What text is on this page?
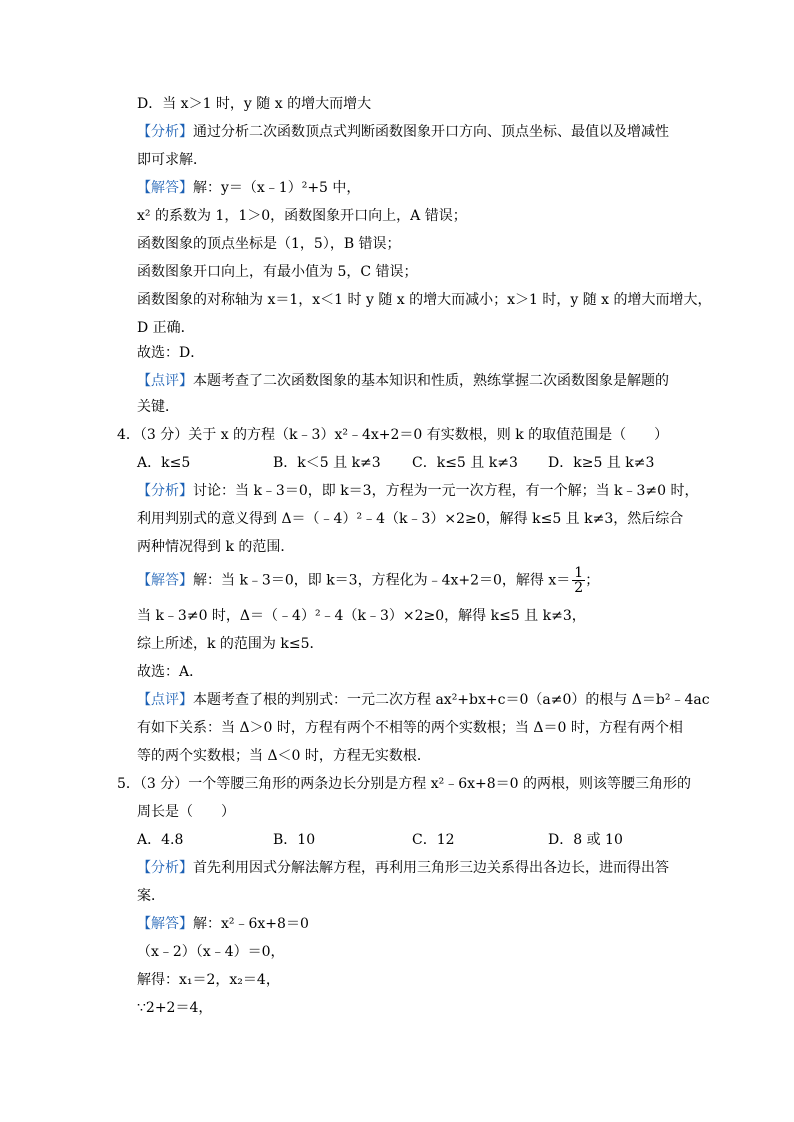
D．当 x＞1 时，y 随 x 的增大而增大
【分析】通过分析二次函数顶点式判断函数图象开口方向、顶点坐标、最值以及增减性
即可求解．
【解答】解：y＝（x﹣1）²+5 中，
x² 的系数为 1，1＞0，函数图象开口向上，A 错误；
函数图象的顶点坐标是（1，5），B 错误；
函数图象开口向上，有最小值为 5，C 错误；
函数图象的对称轴为 x＝1，x＜1 时 y 随 x 的增大而减小；x＞1 时，y 随 x 的增大而增大，
D 正确．
故选：D．
【点评】本题考查了二次函数图象的基本知识和性质，熟练掌握二次函数图象是解题的
关键．
4．（3 分）关于 x 的方程（k﹣3）x²﹣4x+2＝0 有实数根，则 k 的取值范围是（　　）
A．k≤5	B．k＜5 且 k≠3 C．k≤5 且 k≠3 D．k≥5 且 k≠3
【分析】讨论：当 k﹣3＝0，即 k＝3，方程为一元一次方程，有一个解；当 k﹣3≠0 时，
利用判别式的意义得到 Δ＝（﹣4）²﹣4（k﹣3）×2≥0，解得 k≤5 且 k≠3，然后综合
两种情况得到 k 的范围．
【解答】解：当 k﹣3＝0，即 k＝3，方程化为﹣4x+2＝0，解得 $x= \frac{1}{2}$ ；
当 k﹣3≠0 时，Δ＝（﹣4）²﹣4（k﹣3）×2≥0，解得 k≤5 且 k≠3，
综上所述，k 的范围为 k≤5．
故选：A．
【点评】本题考查了根的判别式：一元二次方程 ax²+bx+c＝0（a≠0）的根与 Δ＝b²﹣4ac
有如下关系：当 Δ＞0 时，方程有两个不相等的两个实数根；当 Δ＝0 时，方程有两个相
等的两个实数根；当 Δ＜0 时，方程无实数根．
5．（3 分）一个等腰三角形的两条边长分别是方程 x²﹣6x+8＝0 的两根，则该等腰三角形的
周长是（　　）
A．4.8	B．10	C．12	D．8 或 10
【分析】首先利用因式分解法解方程，再利用三角形三边关系得出各边长，进而得出答
案．
【解答】解：x²﹣6x+8＝0
（x﹣2）（x﹣4）＝0，
解得：x₁＝2，x₂＝4，
∵2+2＝4，
